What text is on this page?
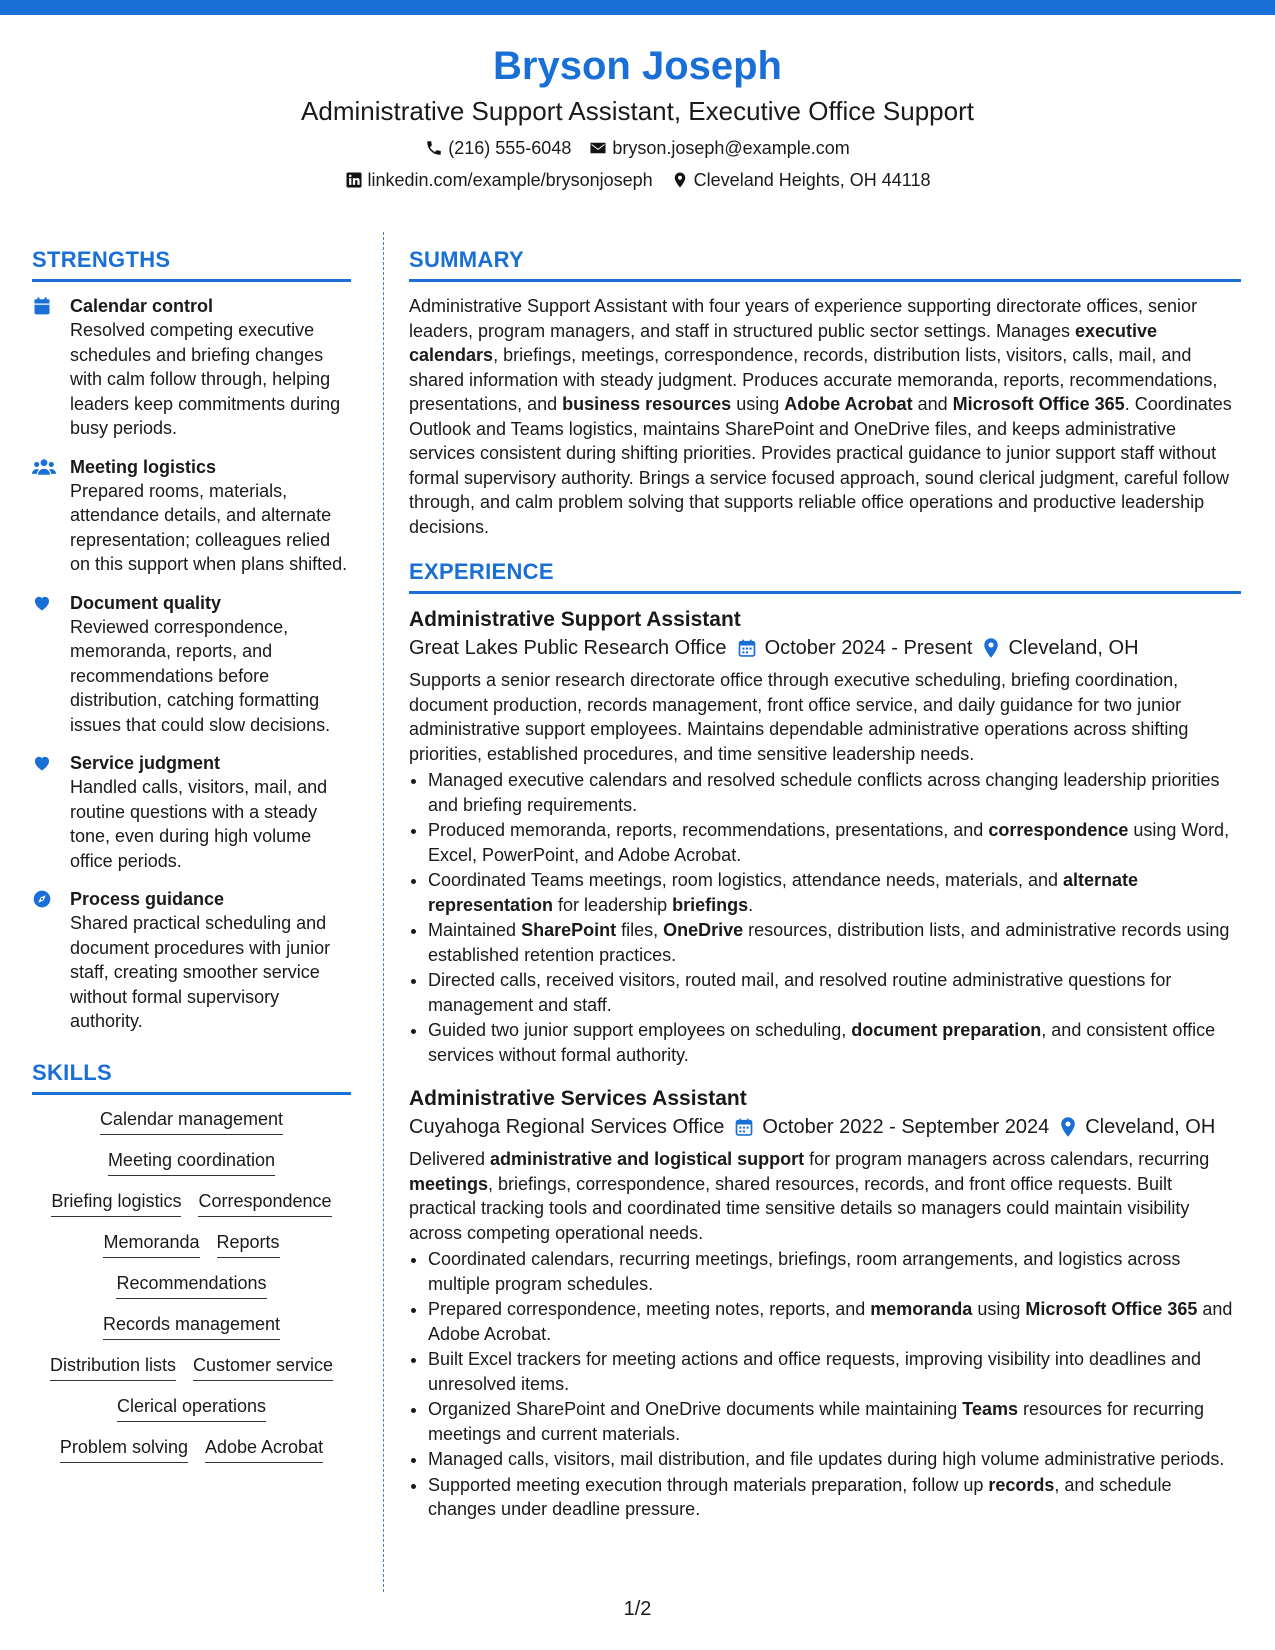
Bryson Joseph
Administrative Support Assistant, Executive Office Support
(216) 555-6048 bryson.joseph@example.com
linkedin.com/example/brysonjoseph Cleveland Heights, OH 44118
STRENGTHS
Calendar control
Resolved competing executive schedules and briefing changes with calm follow through, helping leaders keep commitments during busy periods.
Meeting logistics
Prepared rooms, materials, attendance details, and alternate representation; colleagues relied on this support when plans shifted.
Document quality
Reviewed correspondence, memoranda, reports, and recommendations before distribution, catching formatting issues that could slow decisions.
Service judgment
Handled calls, visitors, mail, and routine questions with a steady tone, even during high volume office periods.
Process guidance
Shared practical scheduling and document procedures with junior staff, creating smoother service without formal supervisory authority.
SKILLS
Calendar management
Meeting coordination
Briefing logistics Correspondence
Memoranda Reports
Recommendations
Records management
Distribution lists Customer service
Clerical operations
Problem solving Adobe Acrobat
SUMMARY
Administrative Support Assistant with four years of experience supporting directorate offices, senior leaders, program managers, and staff in structured public sector settings. Manages executive calendars, briefings, meetings, correspondence, records, distribution lists, visitors, calls, mail, and shared information with steady judgment. Produces accurate memoranda, reports, recommendations, presentations, and business resources using Adobe Acrobat and Microsoft Office 365. Coordinates Outlook and Teams logistics, maintains SharePoint and OneDrive files, and keeps administrative services consistent during shifting priorities. Provides practical guidance to junior support staff without formal supervisory authority. Brings a service focused approach, sound clerical judgment, careful follow through, and calm problem solving that supports reliable office operations and productive leadership decisions.
EXPERIENCE
Administrative Support Assistant
Great Lakes Public Research Office October 2024 - Present Cleveland, OH
Supports a senior research directorate office through executive scheduling, briefing coordination, document production, records management, front office service, and daily guidance for two junior administrative support employees. Maintains dependable administrative operations across shifting priorities, established procedures, and time sensitive leadership needs.
• Managed executive calendars and resolved schedule conflicts across changing leadership priorities and briefing requirements.
• Produced memoranda, reports, recommendations, presentations, and correspondence using Word, Excel, PowerPoint, and Adobe Acrobat.
• Coordinated Teams meetings, room logistics, attendance needs, materials, and alternate representation for leadership briefings.
• Maintained SharePoint files, OneDrive resources, distribution lists, and administrative records using established retention practices.
• Directed calls, received visitors, routed mail, and resolved routine administrative questions for management and staff.
• Guided two junior support employees on scheduling, document preparation, and consistent office services without formal authority.
Administrative Services Assistant
Cuyahoga Regional Services Office October 2022 - September 2024 Cleveland, OH
Delivered administrative and logistical support for program managers across calendars, recurring meetings, briefings, correspondence, shared resources, records, and front office requests. Built practical tracking tools and coordinated time sensitive details so managers could maintain visibility across competing operational needs.
• Coordinated calendars, recurring meetings, briefings, room arrangements, and logistics across multiple program schedules.
• Prepared correspondence, meeting notes, reports, and memoranda using Microsoft Office 365 and Adobe Acrobat.
• Built Excel trackers for meeting actions and office requests, improving visibility into deadlines and unresolved items.
• Organized SharePoint and OneDrive documents while maintaining Teams resources for recurring meetings and current materials.
• Managed calls, visitors, mail distribution, and file updates during high volume administrative periods.
• Supported meeting execution through materials preparation, follow up records, and schedule changes under deadline pressure.
1/2
